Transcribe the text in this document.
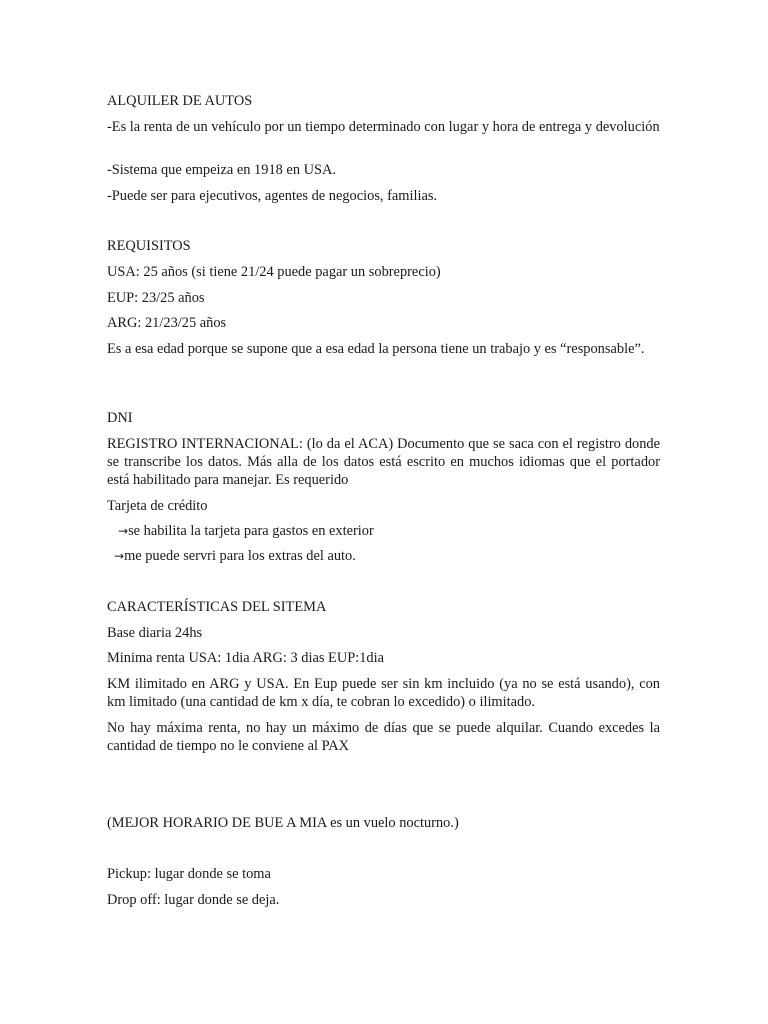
ALQUILER DE AUTOS

-Es la renta de un vehículo por un tiempo determinado con lugar y hora de entrega y devolución

-Sistema que empeiza en 1918 en USA.

-Puede ser para ejecutivos, agentes de negocios, familias.

REQUISITOS

USA: 25 años (si tiene 21/24 puede pagar un sobreprecio)

EUP: 23/25 años

ARG: 21/23/25 años

Es a esa edad porque se supone que a esa edad la persona tiene un trabajo y es “responsable”.

DNI

REGISTRO INTERNACIONAL: (lo da el ACA) Documento que se saca con el registro donde se transcribe los datos. Más alla de los datos está escrito en muchos idiomas que el portador está habilitado para manejar. Es requerido

Tarjeta de crédito

→se habilita la tarjeta para gastos en exterior

→me puede servri para los extras del auto.

CARACTERÍSTICAS DEL SITEMA

Base diaria 24hs

Minima renta USA: 1dia ARG: 3 dias EUP:1dia

KM ilimitado en ARG y USA. En Eup puede ser sin km incluido (ya no se está usando), con km limitado (una cantidad de km x día, te cobran lo excedido) o ilimitado.

No hay máxima renta, no hay un máximo de días que se puede alquilar. Cuando excedes la cantidad de tiempo no le conviene al PAX

(MEJOR HORARIO DE BUE A MIA es un vuelo nocturno.)

Pickup: lugar donde se toma

Drop off: lugar donde se deja.
